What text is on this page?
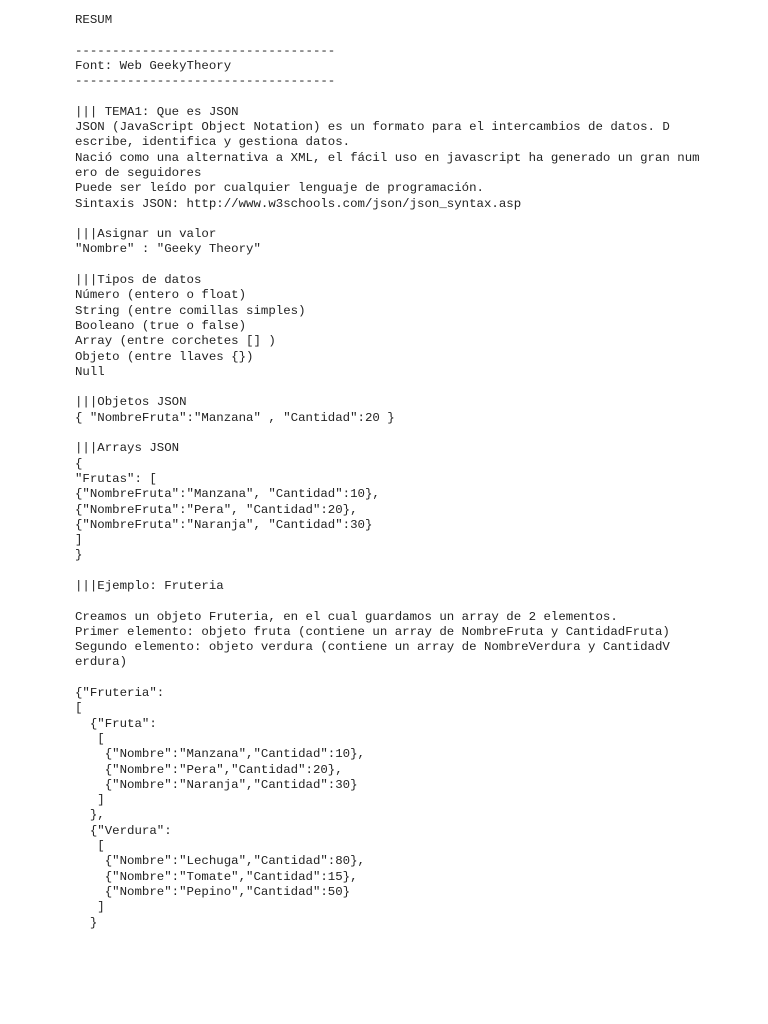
RESUM
-----------------------------------
Font: Web GeekyTheory
-----------------------------------
||| TEMA1: Que es JSON
JSON (JavaScript Object Notation) es un formato para el intercambios de datos. D
escribe, identifica y gestiona datos.
Nació como una alternativa a XML, el fácil uso en javascript ha generado un gran num
ero de seguidores
Puede ser leído por cualquier lenguaje de programación.
Sintaxis JSON: http://www.w3schools.com/json/json_syntax.asp
|||Asignar un valor
"Nombre" : "Geeky Theory"
|||Tipos de datos
Número (entero o float)
String (entre comillas simples)
Booleano (true o false)
Array (entre corchetes [] )
Objeto (entre llaves {})
Null
|||Objetos JSON
{ "NombreFruta":"Manzana" , "Cantidad":20 }
|||Arrays JSON
{
"Frutas": [
{"NombreFruta":"Manzana", "Cantidad":10},
{"NombreFruta":"Pera", "Cantidad":20},
{"NombreFruta":"Naranja", "Cantidad":30}
]
}
|||Ejemplo: Fruteria
Creamos un objeto Fruteria, en el cual guardamos un array de 2 elementos.
Primer elemento: objeto fruta (contiene un array de NombreFruta y CantidadFruta)
Segundo elemento: objeto verdura (contiene un array de NombreVerdura y CantidadV
erdura)
{"Fruteria":
[
{"Fruta":
[
{"Nombre":"Manzana","Cantidad":10},
{"Nombre":"Pera","Cantidad":20},
{"Nombre":"Naranja","Cantidad":30}
]
},
{"Verdura":
[
{"Nombre":"Lechuga","Cantidad":80},
{"Nombre":"Tomate","Cantidad":15},
{"Nombre":"Pepino","Cantidad":50}
]
}
